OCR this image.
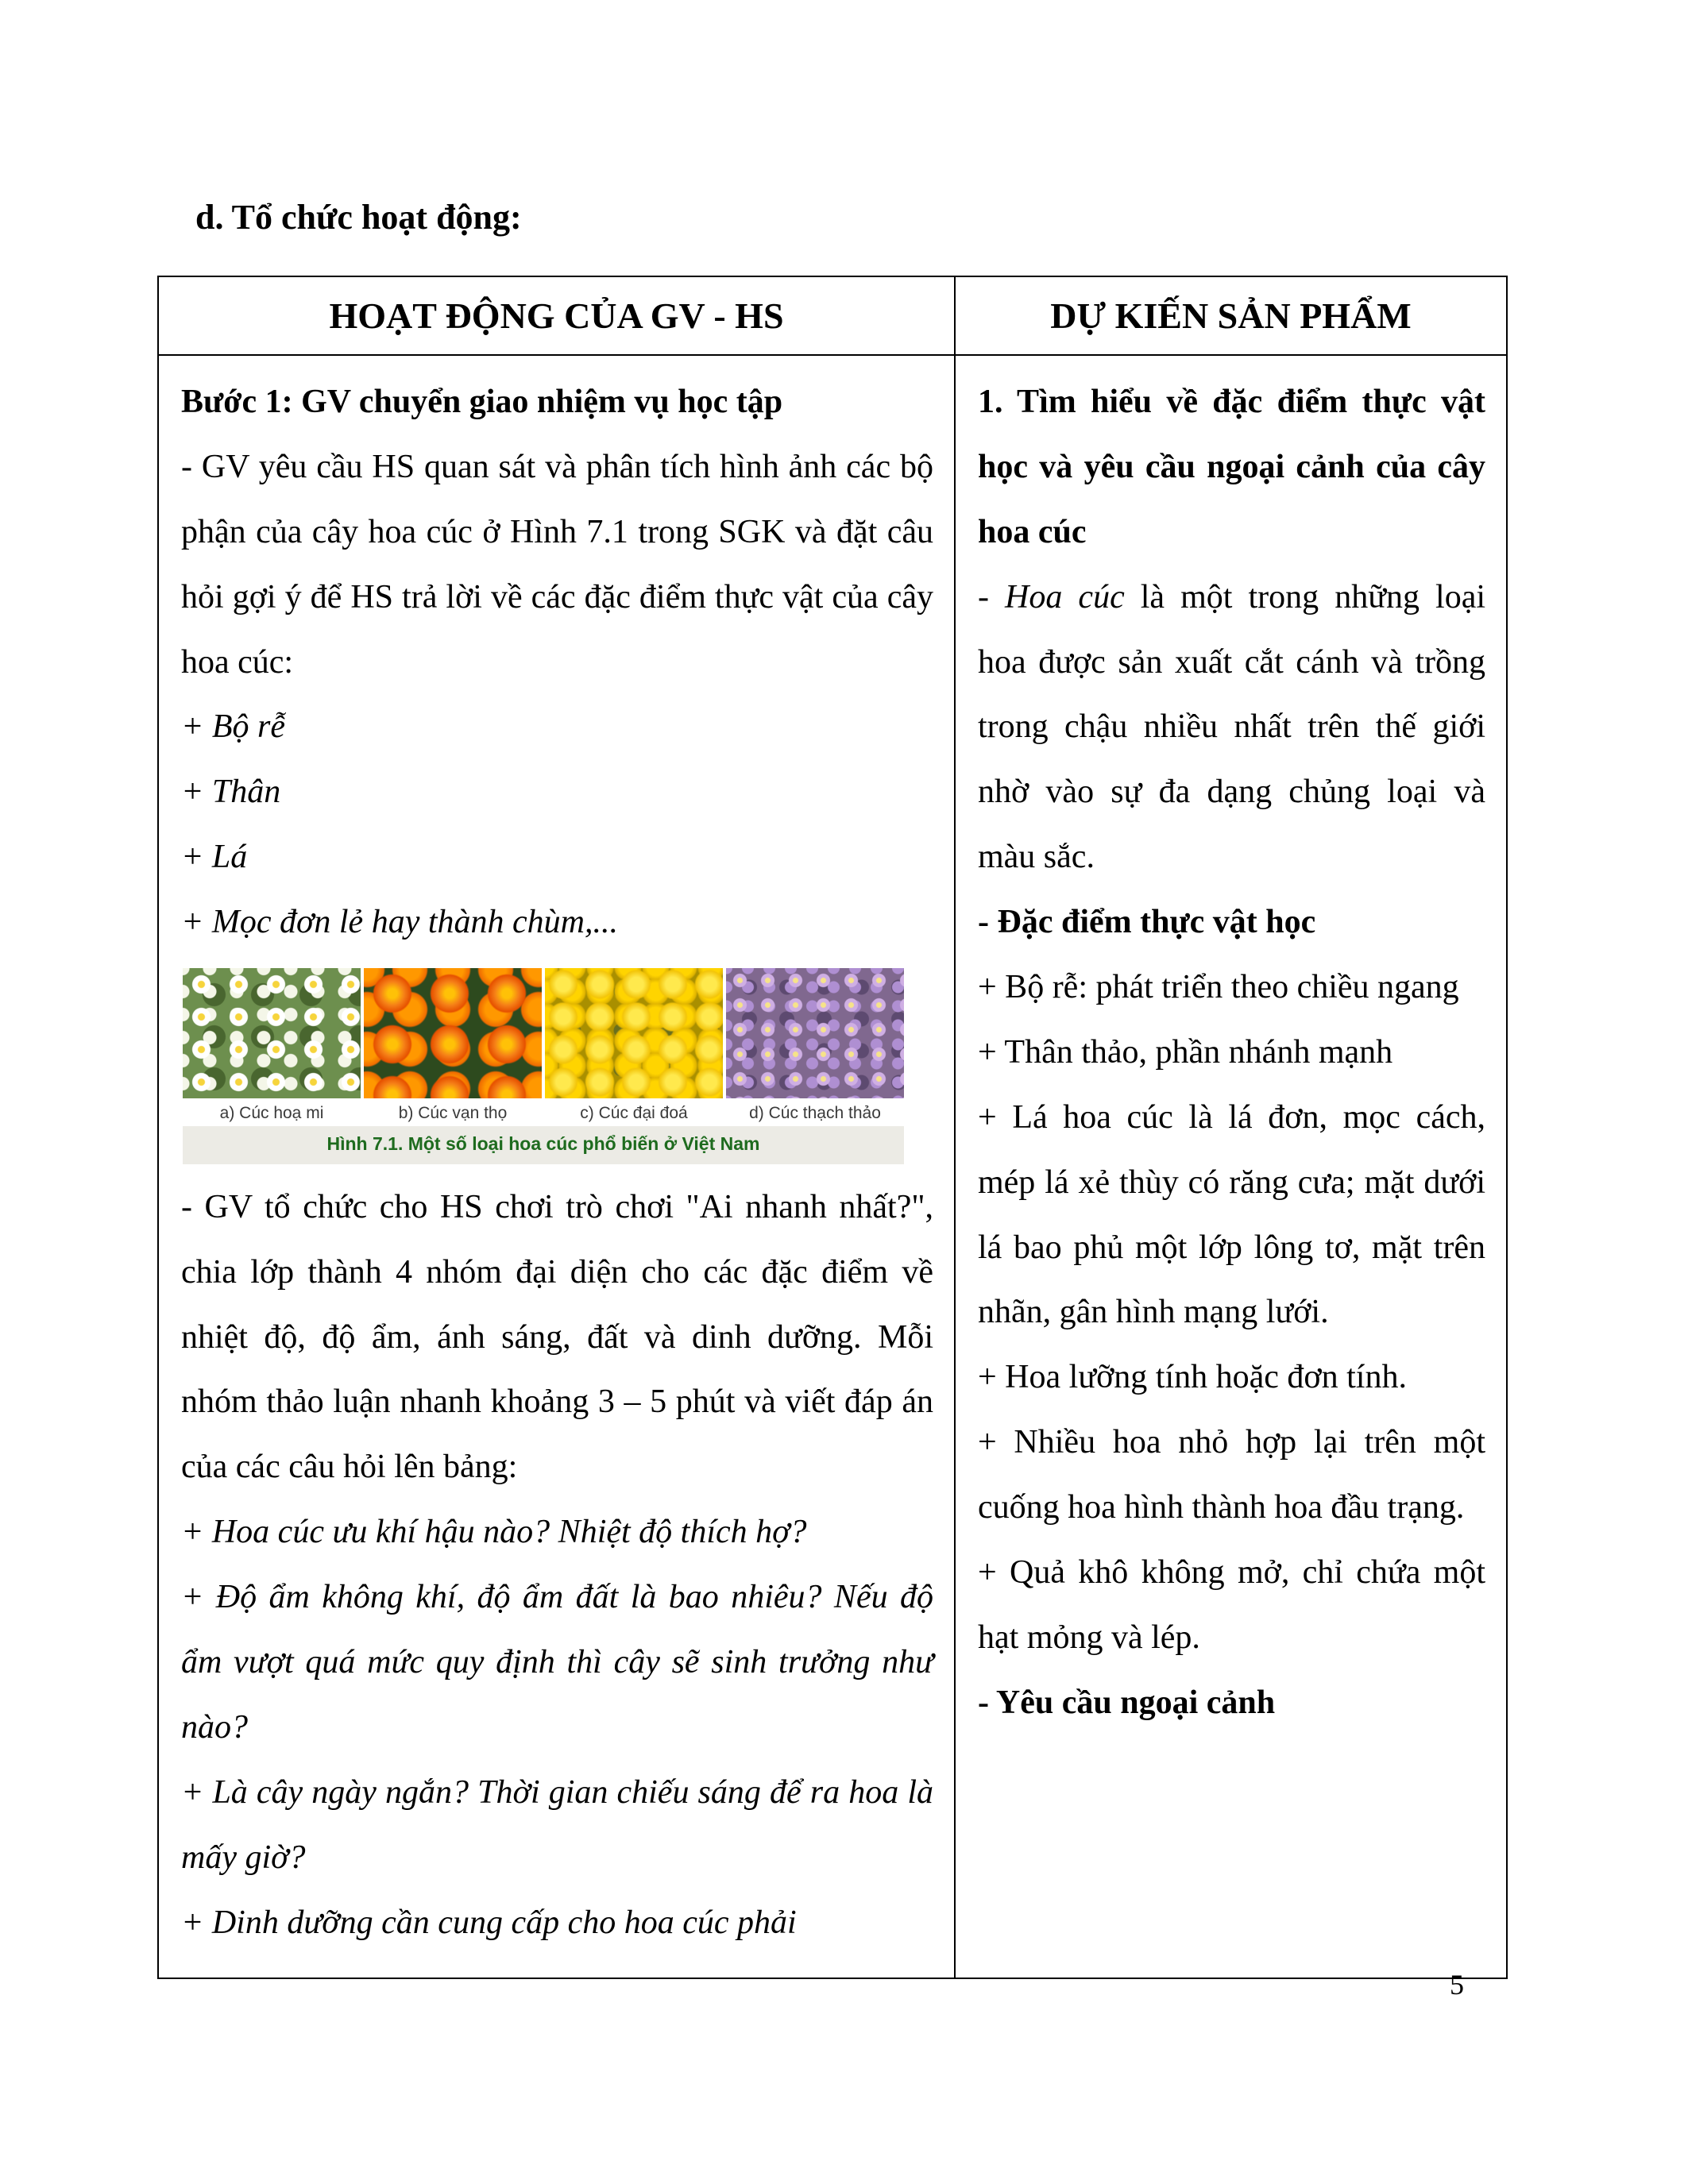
d. Tổ chức hoạt động:
HOẠT ĐỘNG CỦA GV - HS	DỰ KIẾN SẢN PHẨM

Bước 1: GV chuyển giao nhiệm vụ học tập

- GV yêu cầu HS quan sát và phân tích hình ảnh các bộ phận của cây hoa cúc ở Hình 7.1 trong SGK và đặt câu hỏi gợi ý để HS trả lời về các đặc điểm thực vật của cây hoa cúc:

+ Bộ rễ

+ Thân

+ Lá

+ Mọc đơn lẻ hay thành chùm,...

a) Cúc hoạ mi	b) Cúc vạn thọ	c) Cúc đại đoá	d) Cúc thạch thảo
Hình 7.1. Một số loại hoa cúc phổ biến ở Việt Nam

- GV tổ chức cho HS chơi trò chơi "Ai nhanh nhất?", chia lớp thành 4 nhóm đại diện cho các đặc điểm về nhiệt độ, độ ẩm, ánh sáng, đất và dinh dưỡng. Mỗi nhóm thảo luận nhanh khoảng 3 – 5 phút và viết đáp án của các câu hỏi lên bảng:

+ Hoa cúc ưu khí hậu nào? Nhiệt độ thích hợ?

+ Độ ẩm không khí, độ ẩm đất là bao nhiêu? Nếu độ ẩm vượt quá mức quy định thì cây sẽ sinh trưởng như nào?

+ Là cây ngày ngắn? Thời gian chiếu sáng để ra hoa là mấy giờ?

+ Dinh dưỡng cần cung cấp cho hoa cúc phải

1. Tìm hiểu về đặc điểm thực vật học và yêu cầu ngoại cảnh của cây hoa cúc

- Hoa cúc là một trong những loại hoa được sản xuất cắt cánh và trồng trong chậu nhiều nhất trên thế giới nhờ vào sự đa dạng chủng loại và màu sắc.

- Đặc điểm thực vật học

+ Bộ rễ: phát triển theo chiều ngang

+ Thân thảo, phần nhánh mạnh

+ Lá hoa cúc là lá đơn, mọc cách, mép lá xẻ thùy có răng cưa; mặt dưới lá bao phủ một lớp lông tơ, mặt trên nhãn, gân hình mạng lưới.

+ Hoa lưỡng tính hoặc đơn tính.

+ Nhiều hoa nhỏ hợp lại trên một cuống hoa hình thành hoa đầu trạng.

+ Quả khô không mở, chỉ chứa một hạt mỏng và lép.

- Yêu cầu ngoại cảnh

5
